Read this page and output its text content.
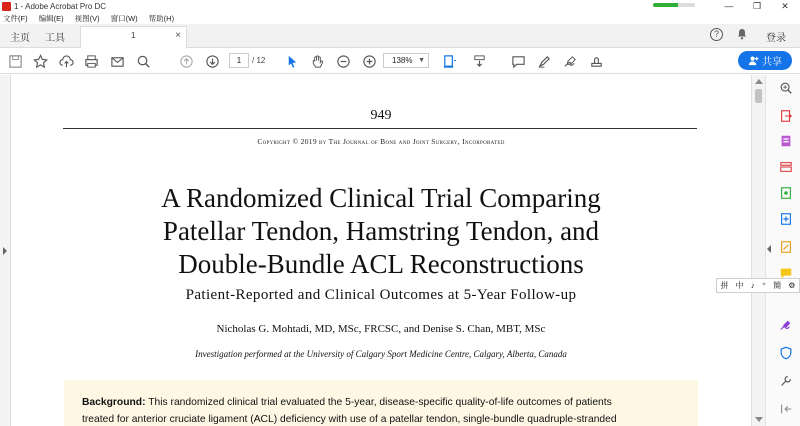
1 - Adobe Acrobat Pro DC	—	❐	✕
文件(F) 编辑(E) 视图(V) 窗口(W) 帮助(H)
主页 工具	1	×	?	登录
1	/ 12	138% ▼	共享
949
Copyright © 2019 by The Journal of Bone and Joint Surgery, Incorporated
A Randomized Clinical Trial Comparing
Patellar Tendon, Hamstring Tendon, and
Double-Bundle ACL Reconstructions
Patient-Reported and Clinical Outcomes at 5-Year Follow-up
Nicholas G. Mohtadi, MD, MSc, FRCSC, and Denise S. Chan, MBT, MSc
Investigation performed at the University of Calgary Sport Medicine Centre, Calgary, Alberta, Canada

Background: This randomized clinical trial evaluated the 5-year, disease-specific quality-of-life outcomes of patients

treated for anterior cruciate ligament (ACL) deficiency with use of a patellar tendon, single-bundle quadruple-stranded

拼 中 ♪ ⁺ 簡 ⚙
